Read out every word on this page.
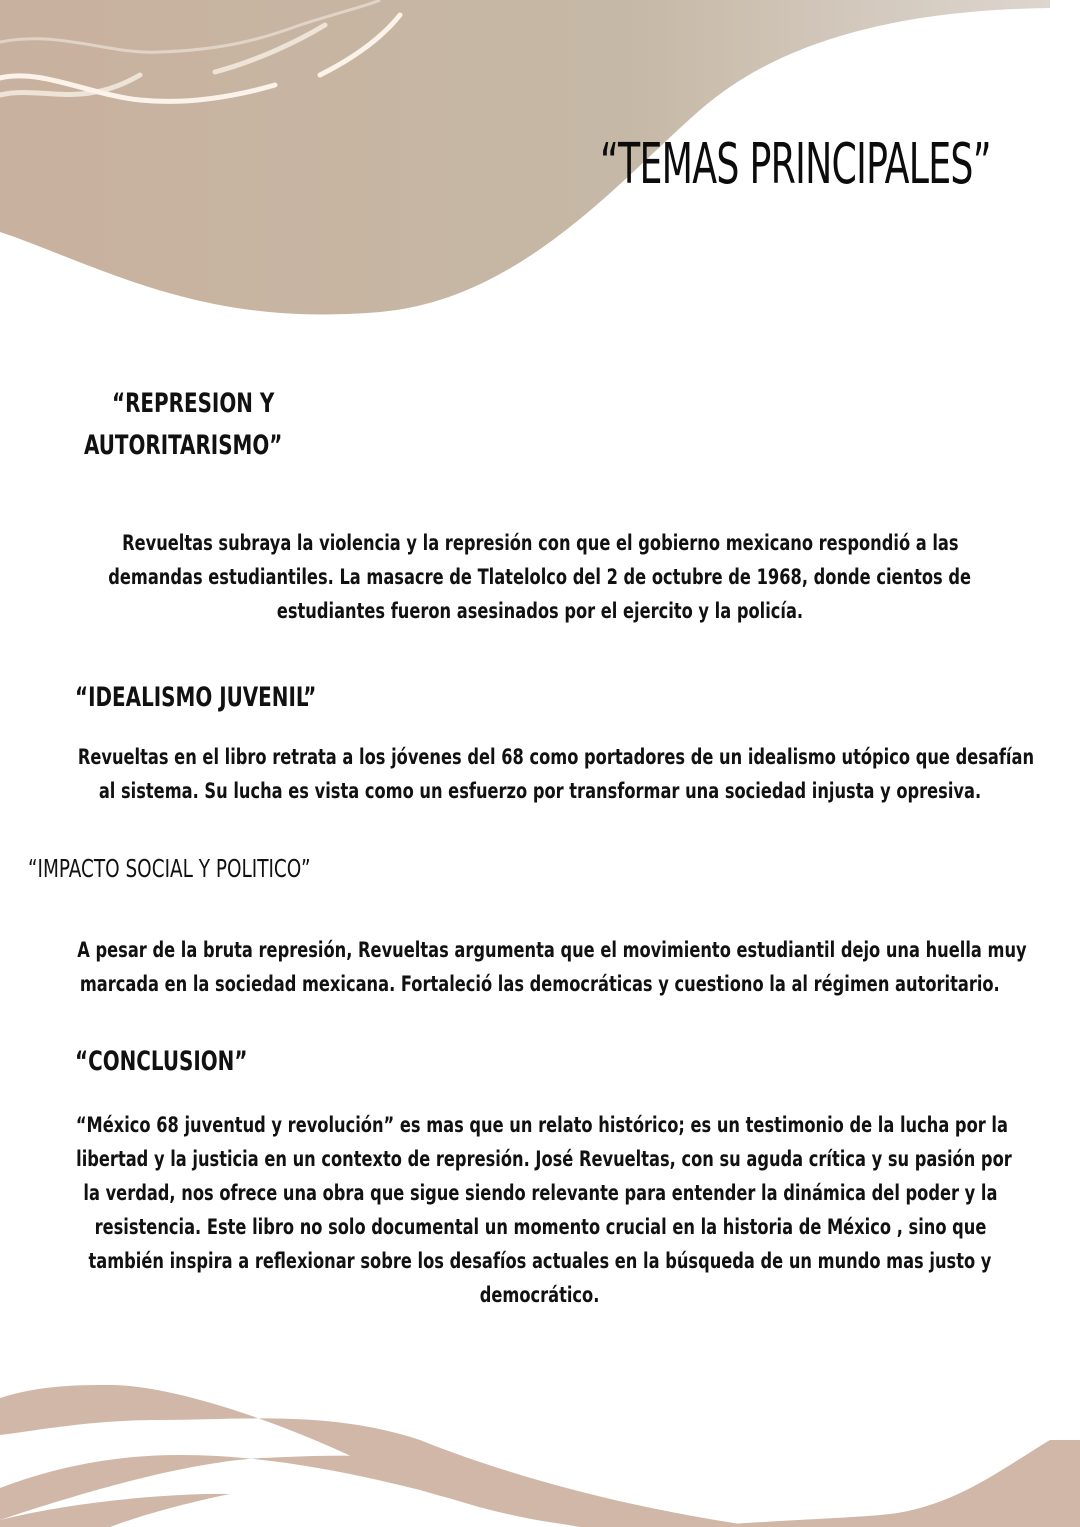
“TEMAS PRINCIPALES”
“REPRESION Y
AUTORITARISMO”
Revueltas subraya la violencia y la represión con que el gobierno mexicano respondió a las
demandas estudiantiles. La masacre de Tlatelolco del 2 de octubre de 1968, donde cientos de
estudiantes fueron asesinados por el ejercito y la policía.
“IDEALISMO JUVENIL”
Revueltas en el libro retrata a los jóvenes del 68 como portadores de un idealismo utópico que desafían
al sistema. Su lucha es vista como un esfuerzo por transformar una sociedad injusta y opresiva.
“IMPACTO SOCIAL Y POLITICO”
A pesar de la bruta represión, Revueltas argumenta que el movimiento estudiantil dejo una huella muy
marcada en la sociedad mexicana. Fortaleció las democráticas y cuestiono la al régimen autoritario.
“CONCLUSION”
“México 68 juventud y revolución” es mas que un relato histórico; es un testimonio de la lucha por la
libertad y la justicia en un contexto de represión. José Revueltas, con su aguda crítica y su pasión por
la verdad, nos ofrece una obra que sigue siendo relevante para entender la dinámica del poder y la
resistencia. Este libro no solo documental un momento crucial en la historia de México , sino que
también inspira a reflexionar sobre los desafíos actuales en la búsqueda de un mundo mas justo y
democrático.
